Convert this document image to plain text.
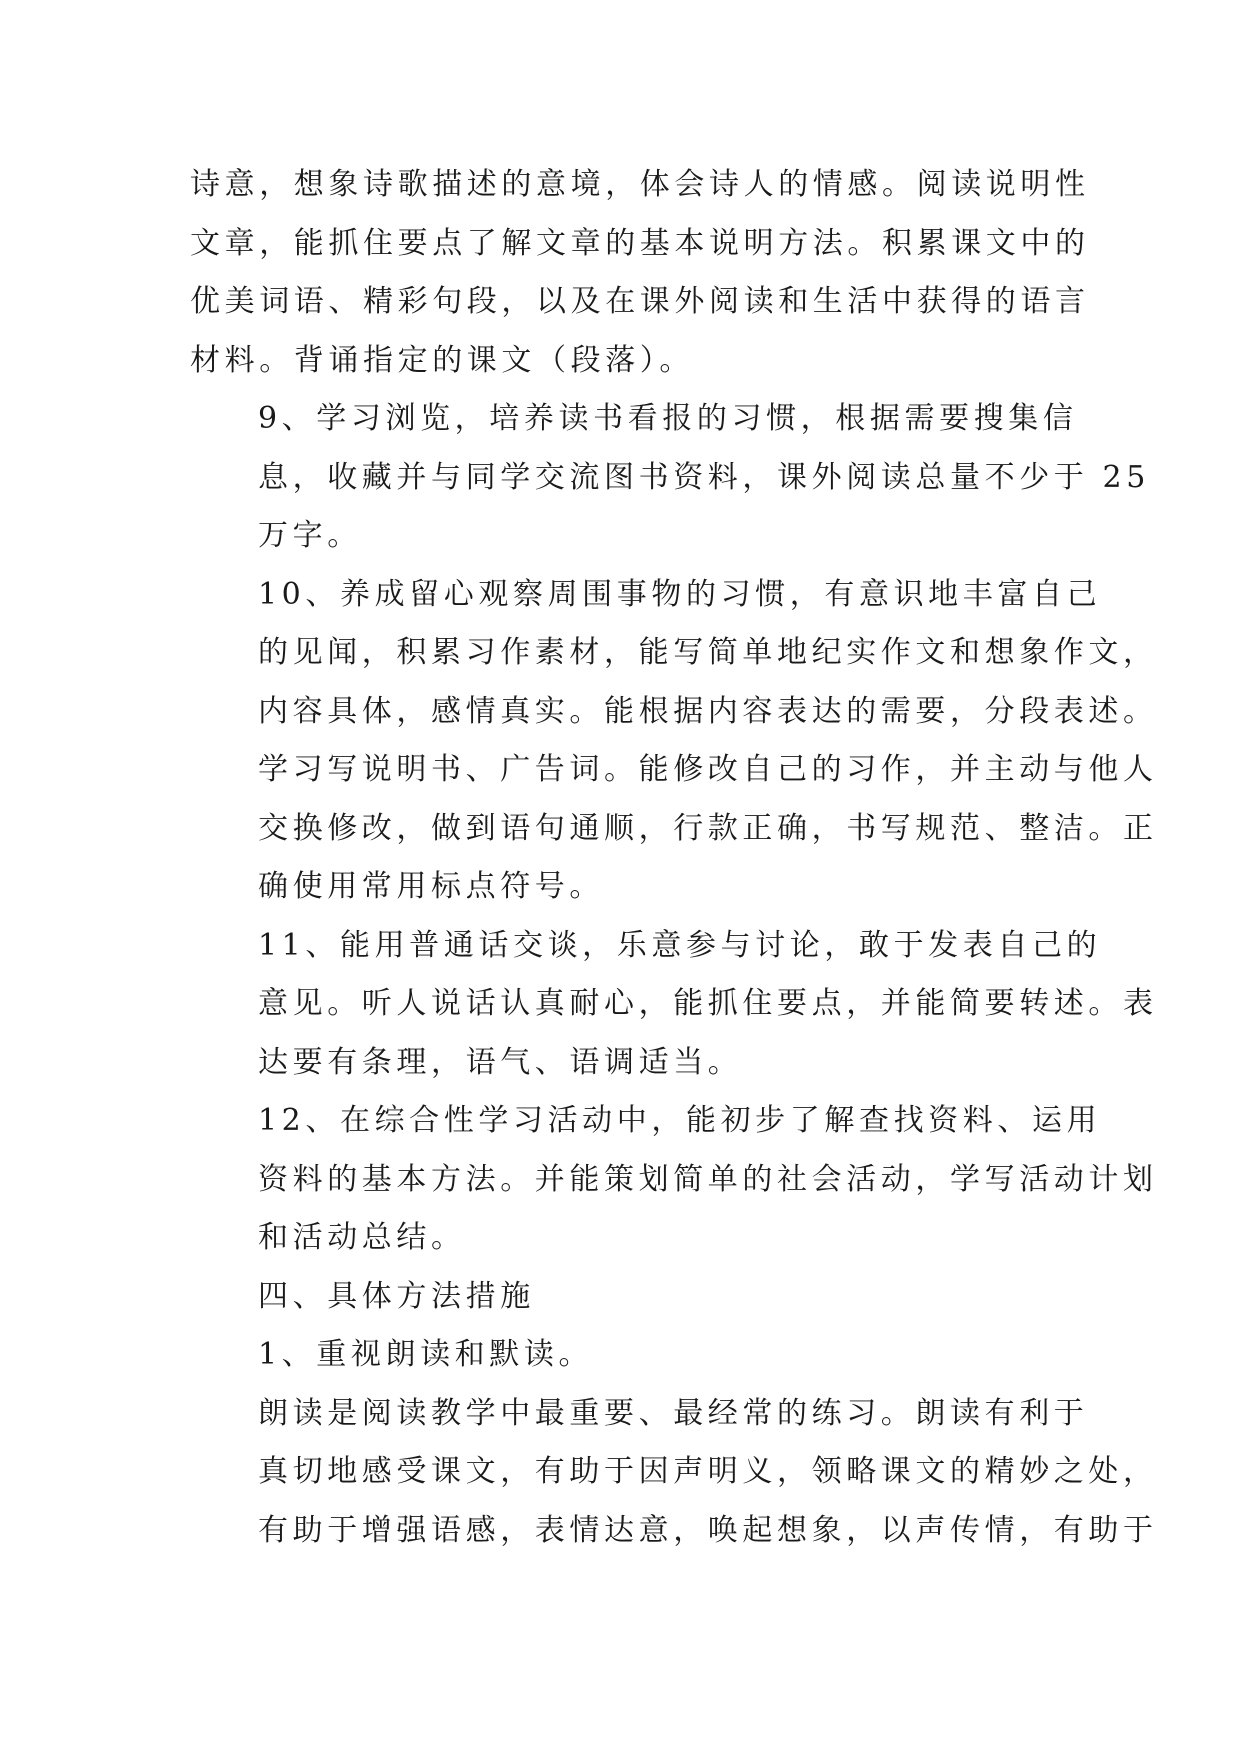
诗意，想象诗歌描述的意境，体会诗人的情感。阅读说明性
文章，能抓住要点了解文章的基本说明方法。积累课文中的
优美词语、精彩句段，以及在课外阅读和生活中获得的语言
材料。背诵指定的课文（段落）。

9、学习浏览，培养读书看报的习惯，根据需要搜集信
息，收藏并与同学交流图书资料，课外阅读总量不少于 25
万字。

10、养成留心观察周围事物的习惯，有意识地丰富自己
的见闻，积累习作素材，能写简单地纪实作文和想象作文，
内容具体，感情真实。能根据内容表达的需要，分段表述。
学习写说明书、广告词。能修改自己的习作，并主动与他人
交换修改，做到语句通顺，行款正确，书写规范、整洁。正
确使用常用标点符号。

11、能用普通话交谈，乐意参与讨论，敢于发表自己的
意见。听人说话认真耐心，能抓住要点，并能简要转述。表
达要有条理，语气、语调适当。

12、在综合性学习活动中，能初步了解查找资料、运用
资料的基本方法。并能策划简单的社会活动，学写活动计划
和活动总结。

四、具体方法措施

1、重视朗读和默读。

朗读是阅读教学中最重要、最经常的练习。朗读有利于
真切地感受课文，有助于因声明义，领略课文的精妙之处，
有助于增强语感，表情达意，唤起想象，以声传情，有助于
